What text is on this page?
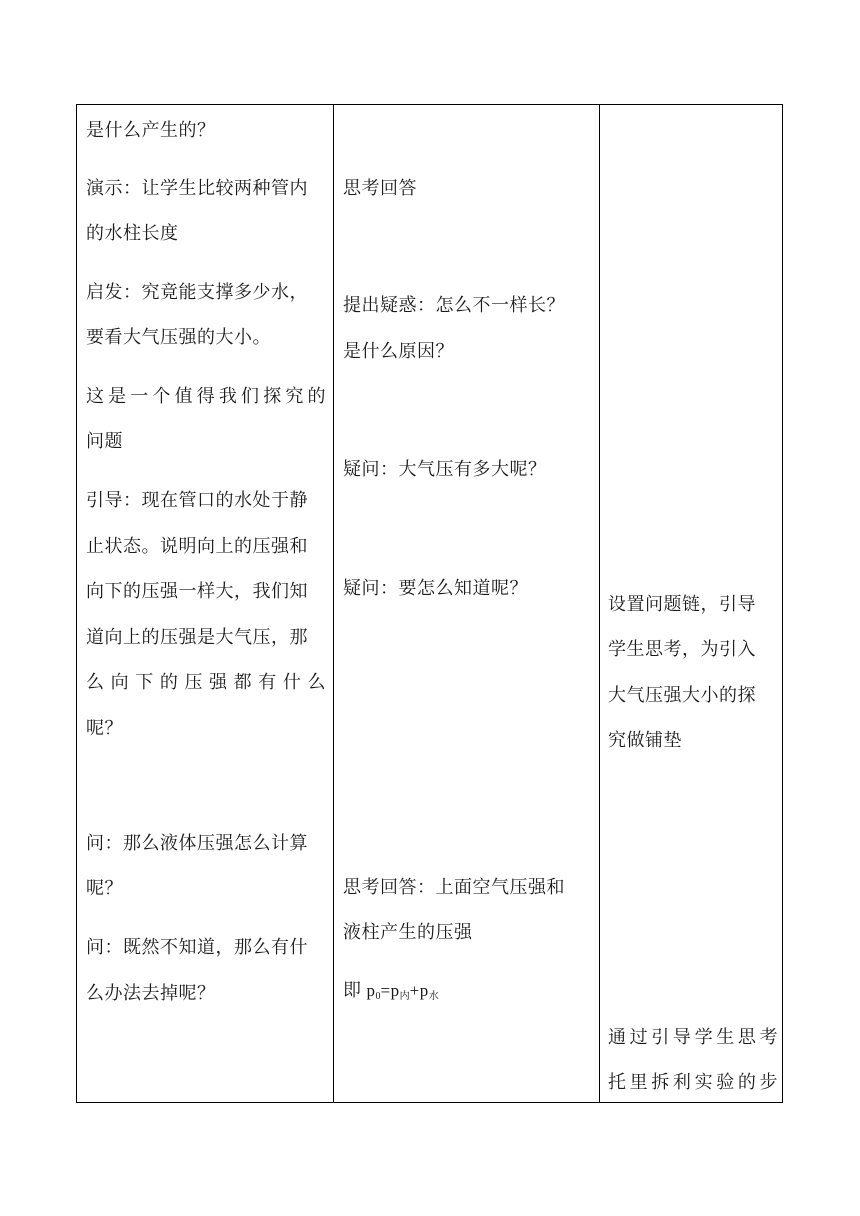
是什么产生的？
演示：让学生比较两种管内
的水柱长度
启发：究竟能支撑多少水，
要看大气压强的大小。
这是一个值得我们探究的
问题
引导：现在管口的水处于静
止状态。说明向上的压强和
向下的压强一样大，我们知
道向上的压强是大气压，那
么向下的压强都有什么
呢？
问：那么液体压强怎么计算
呢？
问：既然不知道，那么有什
么办法去掉呢？
思考回答
提出疑惑：怎么不一样长？
是什么原因？
疑问：大气压有多大呢？
疑问：要怎么知道呢？
思考回答：上面空气压强和
液柱产生的压强
即 $p_0=p_内+p_水$
设置问题链，引导
学生思考，为引入
大气压强大小的探
究做铺垫
通过引导学生思考
托里拆利实验的步
